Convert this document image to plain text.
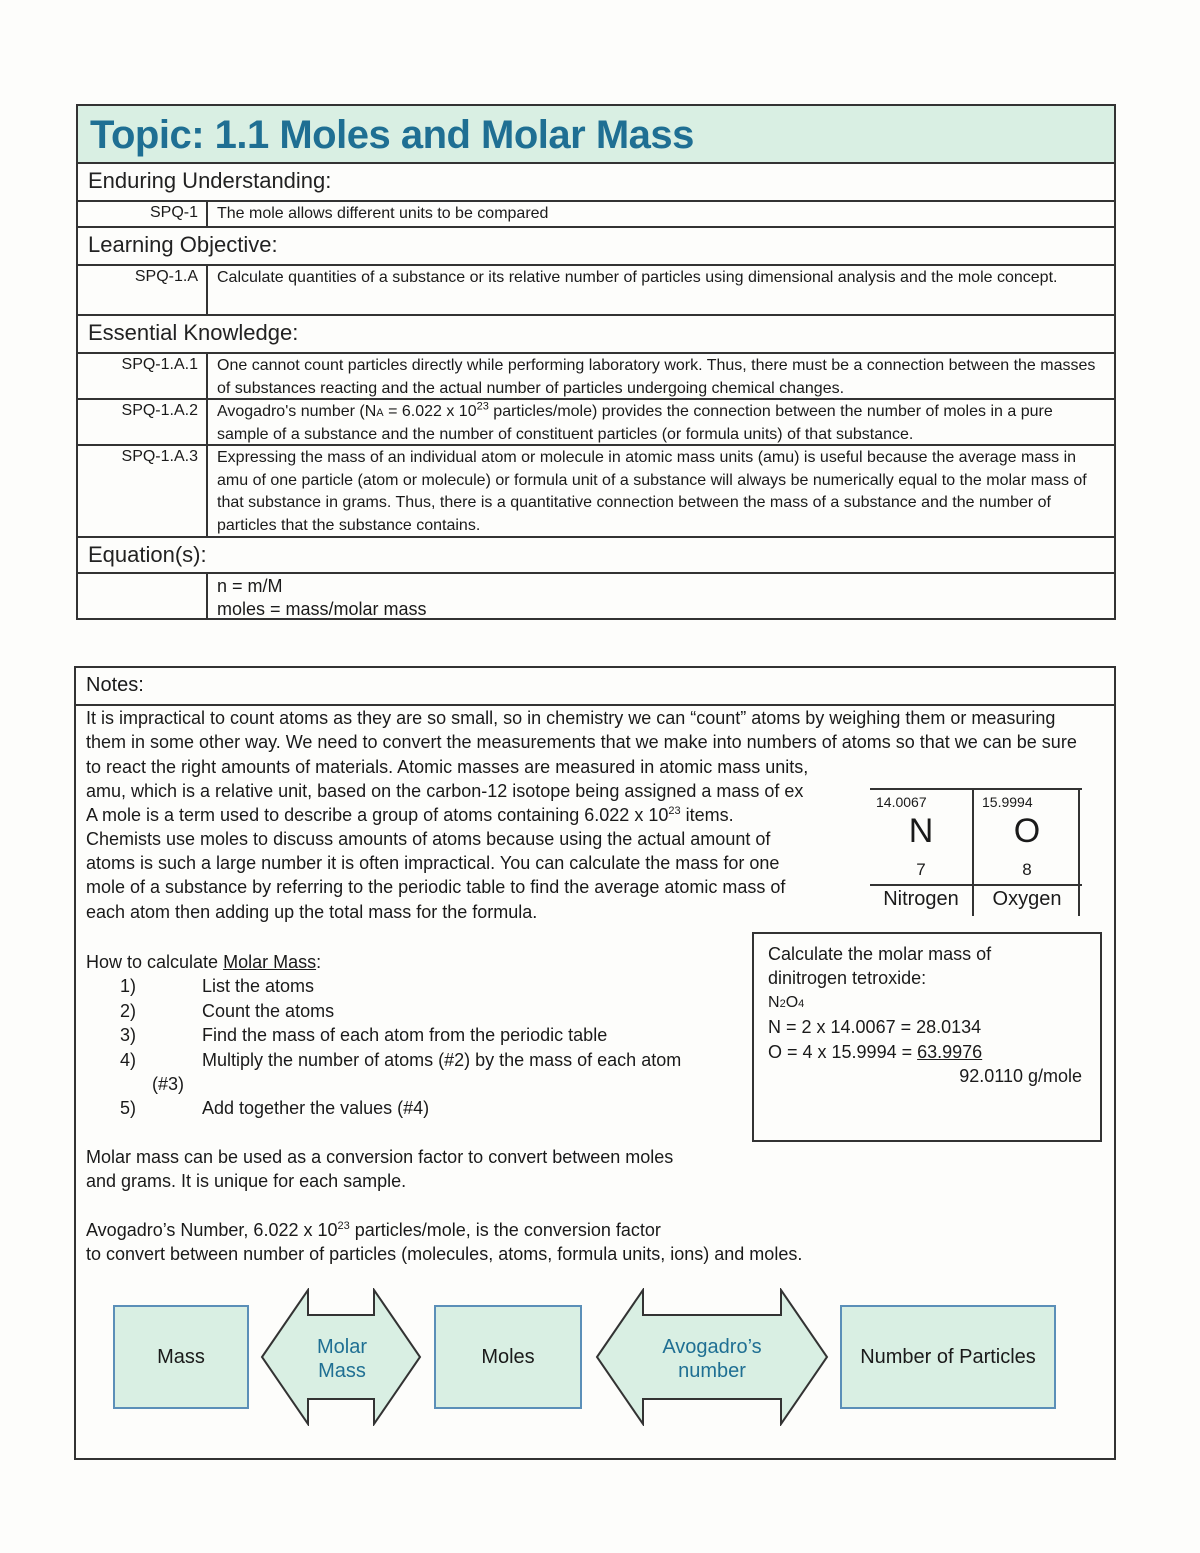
Topic: 1.1 Moles and Molar Mass
Enduring Understanding:
SPQ-1	The mole allows different units to be compared
Learning Objective:
SPQ-1.A	Calculate quantities of a substance or its relative number of particles using dimensional analysis and the mole concept.
Essential Knowledge:
SPQ-1.A.1	One cannot count particles directly while performing laboratory work. Thus, there must be a connection between the masses of substances reacting and the actual number of particles undergoing chemical changes.
SPQ-1.A.2	Avogadro's number (NA = 6.022 x $10^{23}$ particles/mole) provides the connection between the number of moles in a pure sample of a substance and the number of constituent particles (or formula units) of that substance.
SPQ-1.A.3	Expressing the mass of an individual atom or molecule in atomic mass units (amu) is useful because the average mass in amu of one particle (atom or molecule) or formula unit of a substance will always be numerically equal to the molar mass of that substance in grams. Thus, there is a quantitative connection between the mass of a substance and the number of particles that the substance contains.
Equation(s):
n = m/M
moles = mass/molar mass
Notes:
It is impractical to count atoms as they are so small, so in chemistry we can “count” atoms by weighing them or measuring them in some other way. We need to convert the measurements that we make into numbers of atoms so that we can be sure to react the right amounts of materials. Atomic masses are measured in atomic mass units,
amu, which is a relative unit, based on the carbon-12 isotope being assigned a mass of ex
A mole is a term used to describe a group of atoms containing 6.022 x $10^{23}$ items.
Chemists use moles to discuss amounts of atoms because using the actual amount of
atoms is such a large number it is often impractical. You can calculate the mass for one
mole of a substance by referring to the periodic table to find the average atomic mass of
each atom then adding up the total mass for the formula.
14.0067
N
7
Nitrogen
15.9994
O
8
Oxygen
How to calculate Molar Mass:
1)	List the atoms
2)	Count the atoms
3)	Find the mass of each atom from the periodic table
4)	Multiply the number of atoms (#2) by the mass of each atom
(#3)
5)	Add together the values (#4)
Calculate the molar mass of
dinitrogen tetroxide:
N2O4
N = 2 x 14.0067 = 28.0134
O = 4 x 15.9994 = 63.9976
92.0110 g/mole
Molar mass can be used as a conversion factor to convert between moles
and grams. It is unique for each sample.
Avogadro’s Number, 6.022 x $10^{23}$ particles/mole, is the conversion factor
to convert between number of particles (molecules, atoms, formula units, ions) and moles.
Mass	Molar
Mass
Moles	Avogadro’s
number
Number of Particles
